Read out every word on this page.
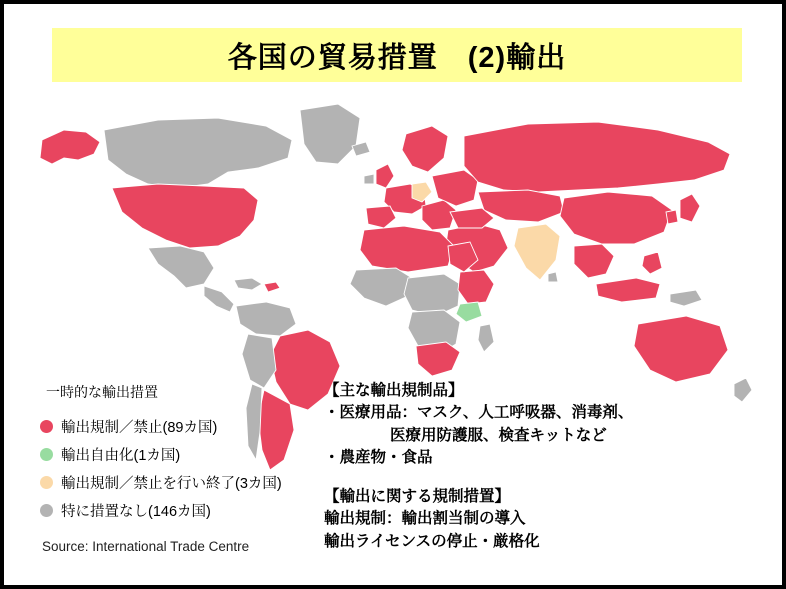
各国の貿易措置　(2)輸出
一時的な輸出措置
輸出規制／禁止(89カ国)
輸出自由化(1カ国)
輸出規制／禁止を行い終了(3カ国)
特に措置なし(146カ国)
Source: International Trade Centre
【主な輸出規制品】
・医療用品：マスク、人工呼吸器、消毒剤、
医療用防護服、検査キットなど
・農産物・食品
【輸出に関する規制措置】
輸出規制：輸出割当制の導入
輸出ライセンスの停止・厳格化
